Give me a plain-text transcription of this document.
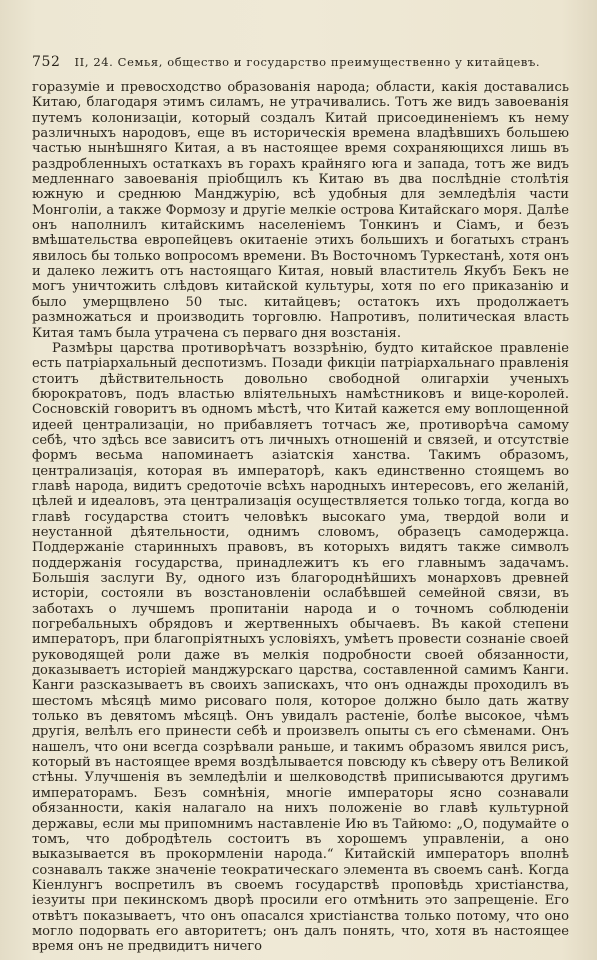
752 II, 24. Семья, общество и государство преимущественно у китайцевъ.

горазуміе и превосходство образованія народа; области, какія доставались Китаю, благодаря этимъ силамъ, не утрачивались. Тотъ же видъ завоеванія путемъ колонизаціи, который создалъ Китай присоединеніемъ къ нему различныхъ народовъ, еще въ историческія времена владѣвшихъ большею частью нынѣшняго Китая, а въ настоящее время сохраняющихся лишь въ раздробленныхъ остаткахъ въ горахъ крайняго юга и запада, тотъ же видъ медленнаго завоеванія пріобщилъ къ Китаю въ два послѣдніе столѣтія южную и среднюю Манджурію, всѣ удобныя для земледѣлія части Монголіи, а также Формозу и другіе мелкіе острова Китайскаго моря. Далѣе онъ наполнилъ китайскимъ населеніемъ Тонкинъ и Сіамъ, и безъ вмѣшательства европейцевъ окитаеніе этихъ большихъ и богатыхъ странъ явилось бы только вопросомъ времени. Въ Восточномъ Туркестанѣ, хотя онъ и далеко лежитъ отъ настоящаго Китая, новый властитель Якубъ Бекъ не могъ уничтожить слѣдовъ китайской культуры, хотя по его приказанію и было умерщвлено 50 тыс. китайцевъ; остатокъ ихъ продолжаетъ размножаться и производить торговлю. Напротивъ, политическая власть Китая тамъ была утрачена съ перваго дня возстанія.

Размѣры царства противорѣчатъ воззрѣнію, будто китайское правленіе есть патріархальный деспотизмъ. Позади фикціи патріархальнаго правленія стоитъ дѣйствительность довольно свободной олигархіи ученыхъ бюрократовъ, подъ властью вліятельныхъ намѣстниковъ и вице-королей. Сосновскій говоритъ въ одномъ мѣстѣ, что Китай кажется ему воплощенной идеей централизаціи, но прибавляетъ тотчасъ же, противорѣча самому себѣ, что здѣсь все зависитъ отъ личныхъ отношеній и связей, и отсутствіе формъ весьма напоминаетъ азіатскія ханства. Такимъ образомъ, централизація, которая въ императорѣ, какъ единственно стоящемъ во главѣ народа, видитъ средоточіе всѣхъ народныхъ интересовъ, его желаній, цѣлей и идеаловъ, эта централизація осуществляется только тогда, когда во главѣ государства стоитъ человѣкъ высокаго ума, твердой воли и неустанной дѣятельности, однимъ словомъ, образецъ самодержца. Поддержаніе старинныхъ правовъ, въ которыхъ видятъ также символъ поддержанія государства, принадлежитъ къ его главнымъ задачамъ. Большія заслуги Ву, одного изъ благороднѣйшихъ монарховъ древней исторіи, состояли въ возстановленіи ослабѣвшей семейной связи, въ заботахъ о лучшемъ пропитаніи народа и о точномъ соблюденіи погребальныхъ обрядовъ и жертвенныхъ обычаевъ. Въ какой степени императоръ, при благопріятныхъ условіяхъ, умѣетъ провести сознаніе своей руководящей роли даже въ мелкія подробности своей обязанности, доказываетъ исторіей манджурскаго царства, составленной самимъ Канги. Канги разсказываетъ въ своихъ запискахъ, что онъ однажды проходилъ въ шестомъ мѣсяцѣ мимо рисоваго поля, которое должно было дать жатву только въ девятомъ мѣсяцѣ. Онъ увидалъ растеніе, болѣе высокое, чѣмъ другія, велѣлъ его принести себѣ и произвелъ опыты съ его сѣменами. Онъ нашелъ, что они всегда созрѣвали раньше, и такимъ образомъ явился рисъ, который въ настоящее время воздѣлывается повсюду къ сѣверу отъ Великой стѣны. Улучшенія въ земледѣліи и шелководствѣ приписываются другимъ императорамъ. Безъ сомнѣнія, многіе императоры ясно сознавали обязанности, какія налагало на нихъ положеніе во главѣ культурной державы, если мы припомнимъ наставленіе Ию въ Тайюмо: „О, подумайте о томъ, что добродѣтель состоитъ въ хорошемъ управленіи, а оно выказывается въ прокормленіи народа.“ Китайскій императоръ вполнѣ сознавалъ также значеніе теократическаго элемента въ своемъ санѣ. Когда Кіенлунгъ воспретилъ въ своемъ государствѣ проповѣдь христіанства, іезуиты при пекинскомъ дворѣ просили его отмѣнить это запрещеніе. Его отвѣтъ показываетъ, что онъ опасался христіанства только потому, что оно могло подорвать его авторитетъ; онъ далъ понять, что, хотя въ настоящее время онъ не предвидитъ ничего
